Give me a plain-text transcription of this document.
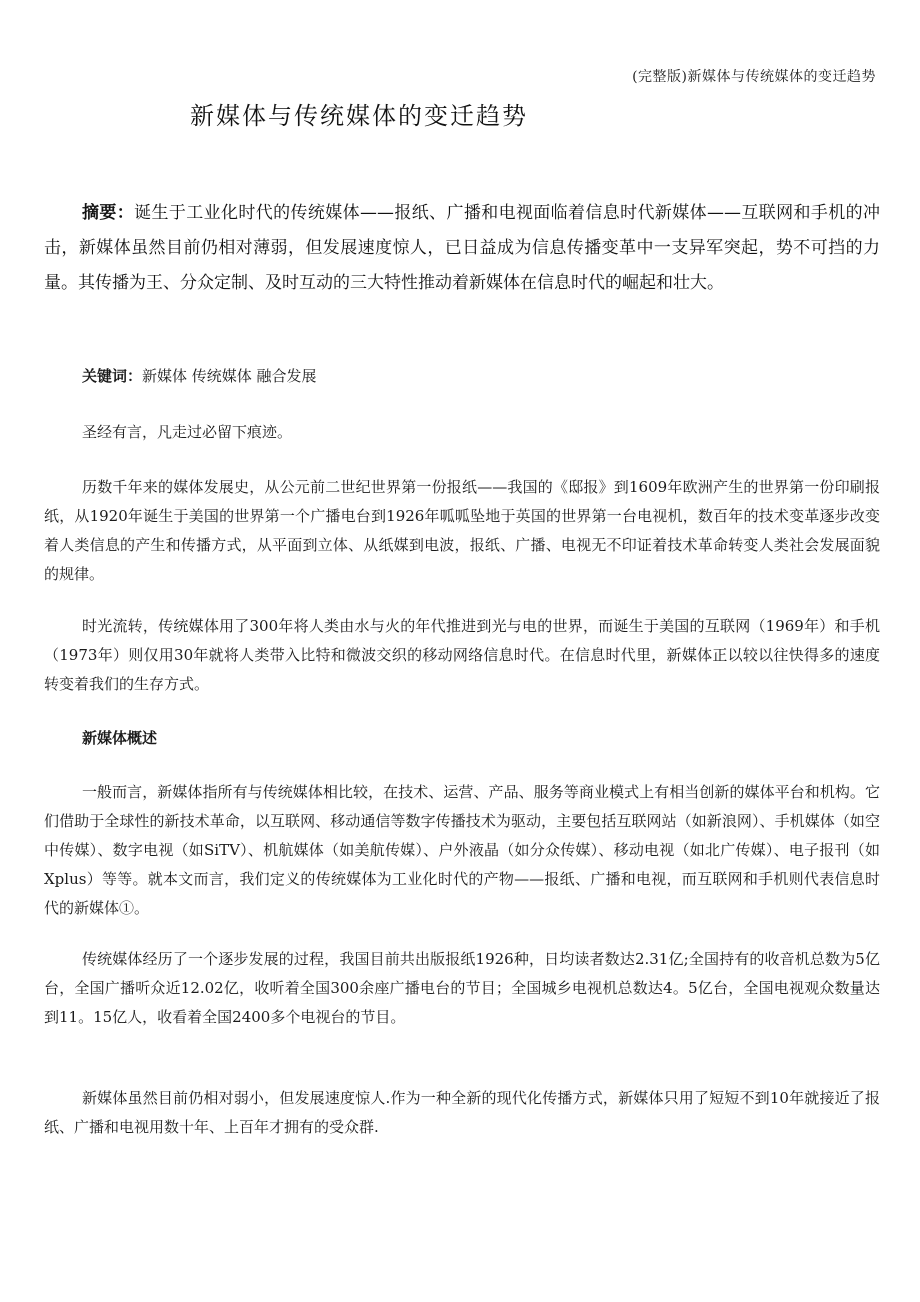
(完整版)新媒体与传统媒体的变迁趋势
新媒体与传统媒体的变迁趋势

摘要：诞生于工业化时代的传统媒体——报纸、广播和电视面临着信息时代新媒体——互联网和手机的冲击，新媒体虽然目前仍相对薄弱，但发展速度惊人，已日益成为信息传播变革中一支异军突起，势不可挡的力量。其传播为王、分众定制、及时互动的三大特性推动着新媒体在信息时代的崛起和壮大。

关键词：新媒体 传统媒体 融合发展

圣经有言，凡走过必留下痕迹。

历数千年来的媒体发展史，从公元前二世纪世界第一份报纸——我国的《邸报》到1609年欧洲产生的世界第一份印刷报纸，从1920年诞生于美国的世界第一个广播电台到1926年呱呱坠地于英国的世界第一台电视机，数百年的技术变革逐步改变着人类信息的产生和传播方式，从平面到立体、从纸媒到电波，报纸、广播、电视无不印证着技术革命转变人类社会发展面貌的规律。

时光流转，传统媒体用了300年将人类由水与火的年代推进到光与电的世界，而诞生于美国的互联网（1969年）和手机（1973年）则仅用30年就将人类带入比特和微波交织的移动网络信息时代。在信息时代里，新媒体正以较以往快得多的速度转变着我们的生存方式。

新媒体概述

一般而言，新媒体指所有与传统媒体相比较，在技术、运营、产品、服务等商业模式上有相当创新的媒体平台和机构。它们借助于全球性的新技术革命，以互联网、移动通信等数字传播技术为驱动，主要包括互联网站（如新浪网）、手机媒体（如空中传媒）、数字电视（如SiTV）、机航媒体（如美航传媒）、户外液晶（如分众传媒）、移动电视（如北广传媒）、电子报刊（如Xplus）等等。就本文而言，我们定义的传统媒体为工业化时代的产物——报纸、广播和电视，而互联网和手机则代表信息时代的新媒体①。

传统媒体经历了一个逐步发展的过程，我国目前共出版报纸1926种，日均读者数达2.31亿;全国持有的收音机总数为5亿台，全国广播听众近12.02亿，收听着全国300余座广播电台的节目；全国城乡电视机总数达4。5亿台，全国电视观众数量达到11。15亿人，收看着全国2400多个电视台的节目。

新媒体虽然目前仍相对弱小，但发展速度惊人.作为一种全新的现代化传播方式，新媒体只用了短短不到10年就接近了报纸、广播和电视用数十年、上百年才拥有的受众群.
